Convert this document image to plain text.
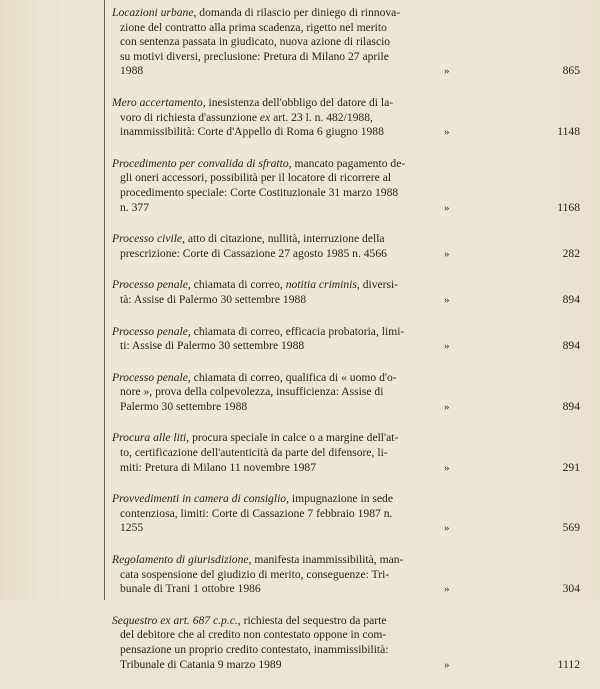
Locazioni urbane, domanda di rilascio per diniego di rinnova-
zione del contratto alla prima scadenza, rigetto nel merito
con sentenza passata in giudicato, nuova azione di rilascio
su motivi diversi, preclusione: Pretura di Milano 27 aprile
1988	»	865
Mero accertamento, inesistenza dell'obbligo del datore di la-
voro di richiesta d'assunzione ex art. 23 l. n. 482/1988,
inammissibilità: Corte d'Appello di Roma 6 giugno 1988	»	1148
Procedimento per convalida di sfratto, mancato pagamento de-
gli oneri accessori, possibilità per il locatore di ricorrere al
procedimento speciale: Corte Costituzionale 31 marzo 1988
n. 377	»	1168
Processo civile, atto di citazione, nullità, interruzione della
prescrizione: Corte di Cassazione 27 agosto 1985 n. 4566	»	282
Processo penale, chiamata di correo, notitia criminis, diversi-
tà: Assise di Palermo 30 settembre 1988	»	894
Processo penale, chiamata di correo, efficacia probatoria, limi-
ti: Assise di Palermo 30 settembre 1988	»	894
Processo penale, chiamata di correo, qualifica di « uomo d'o-
nore », prova della colpevolezza, insufficienza: Assise di
Palermo 30 settembre 1988	»	894
Procura alle liti, procura speciale in calce o a margine dell'at-
to, certificazione dell'autenticità da parte del difensore, li-
miti: Pretura di Milano 11 novembre 1987	»	291
Provvedimenti in camera di consiglio, impugnazione in sede
contenziosa, limiti: Corte di Cassazione 7 febbraio 1987 n.
1255	»	569
Regolamento di giurisdizione, manifesta inammissibilità, man-
cata sospensione del giudizio di merito, conseguenze: Tri-
bunale di Trani 1 ottobre 1986	»	304
Sequestro ex art. 687 c.p.c., richiesta del sequestro da parte
del debitore che al credito non contestato oppone in com-
pensazione un proprio credito contestato, inammissibilità:
Tribunale di Catania 9 marzo 1989	»	1112
